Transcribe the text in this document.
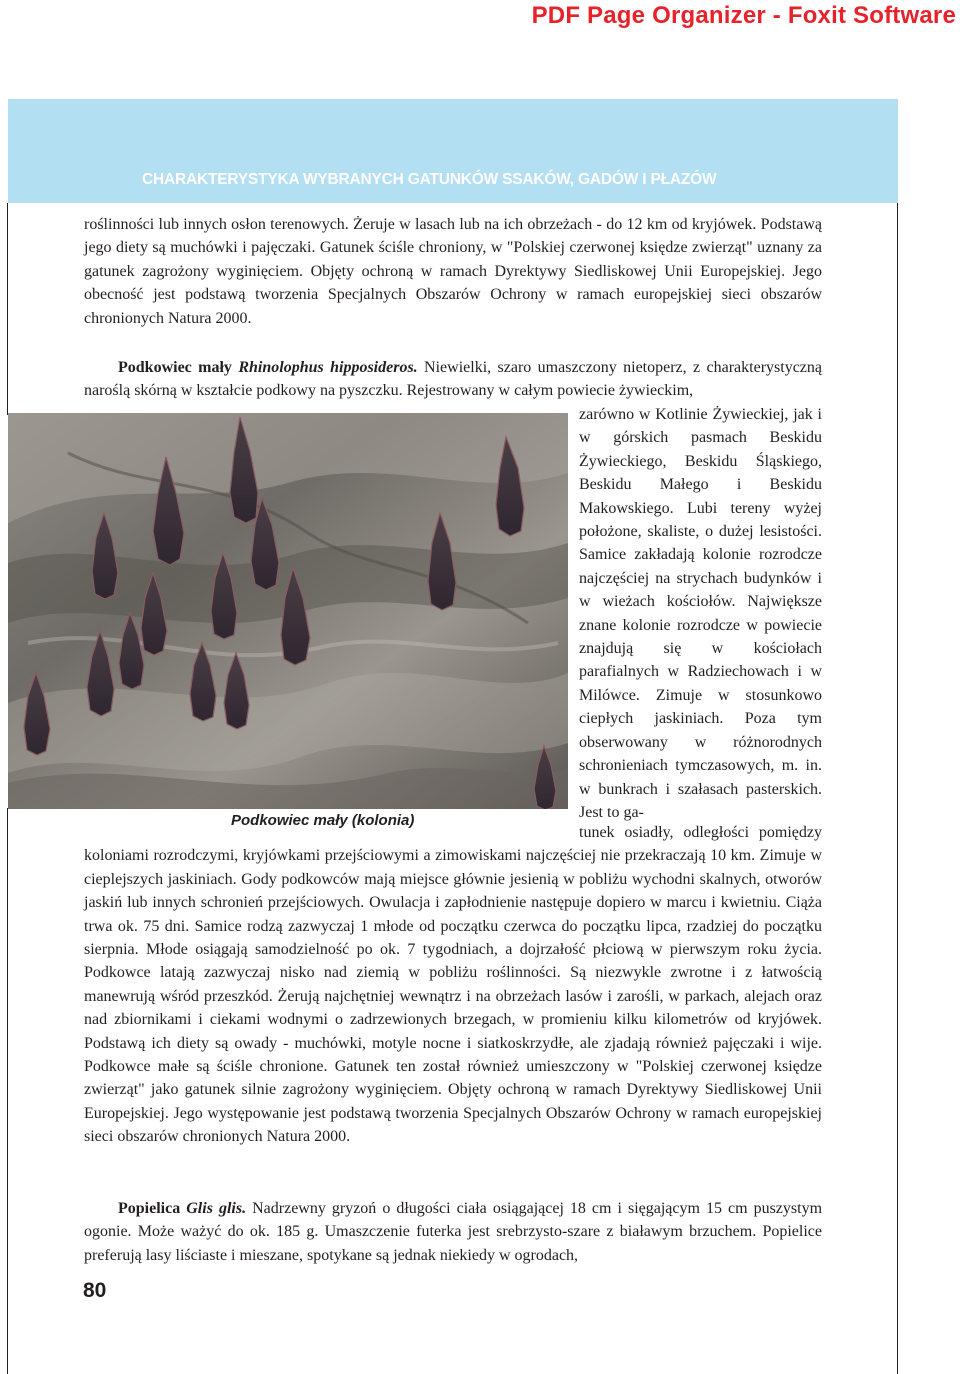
PDF Page Organizer - Foxit Software
CHARAKTERYSTYKA WYBRANYCH GATUNKÓW SSAKÓW, GADÓW I PŁAZÓW

roślinności lub innych osłon terenowych. Żeruje w lasach lub na ich obrzeżach - do 12 km od kryjówek. Podstawą jego diety są muchówki i pajęczaki. Gatunek ściśle chroniony, w "Polskiej czerwonej księdze zwierząt" uznany za gatunek zagrożony wyginięciem. Objęty ochroną w ramach Dyrektywy Siedliskowej Unii Europejskiej. Jego obecność jest podstawą tworzenia Specjalnych Obszarów Ochrony w ramach europejskiej sieci obszarów chronionych Natura 2000.

Podkowiec mały Rhinolophus hipposideros. Niewielki, szaro umaszczony nietoperz, z charakterystyczną naroślą skórną w kształcie podkowy na pyszczku. Rejestrowany w całym powiecie żywieckim,

Podkowiec mały (kolonia)

zarówno w Kotlinie Żywieckiej, jak i w górskich pasmach Beskidu Żywieckiego, Beskidu Śląskiego, Beskidu Małego i Beskidu Makowskiego. Lubi tereny wyżej położone, skaliste, o dużej lesistości. Samice zakładają kolonie rozrodcze najczęściej na strychach budynków i w wieżach kościołów. Największe znane kolonie rozrodcze w powiecie znajdują się w kościołach parafialnych w Radziechowach i w Milówce. Zimuje w stosunkowo ciepłych jaskiniach. Poza tym obserwowany w różnorodnych schronieniach tymczasowych, m. in. w bunkrach i szałasach pasterskich. Jest to ga-

tunek osiadły, odległości pomiędzy koloniami rozrodczymi, kryjówkami przejściowymi a zimowiskami najczęściej nie przekraczają 10 km. Zimuje w cieplejszych jaskiniach. Gody podkowców mają miejsce głównie jesienią w pobliżu wychodni skalnych, otworów jaskiń lub innych schronień przejściowych. Owulacja i zapłodnienie następuje dopiero w marcu i kwietniu. Ciąża trwa ok. 75 dni. Samice rodzą zazwyczaj 1 młode od początku czerwca do początku lipca, rzadziej do początku sierpnia. Młode osiągają samodzielność po ok. 7 tygodniach, a dojrzałość płciową w pierwszym roku życia. Podkowce latają zazwyczaj nisko nad ziemią w pobliżu roślinności. Są niezwykle zwrotne i z łatwością manewrują wśród przeszkód. Żerują najchętniej wewnątrz i na obrzeżach lasów i zarośli, w parkach, alejach oraz nad zbiornikami i ciekami wodnymi o zadrzewionych brzegach, w promieniu kilku kilometrów od kryjówek. Podstawą ich diety są owady - muchówki, motyle nocne i siatkoskrzydłe, ale zjadają również pajęczaki i wije. Podkowce małe są ściśle chronione. Gatunek ten został również umieszczony w "Polskiej czerwonej księdze zwierząt" jako gatunek silnie zagrożony wyginięciem. Objęty ochroną w ramach Dyrektywy Siedliskowej Unii Europejskiej. Jego występowanie jest podstawą tworzenia Specjalnych Obszarów Ochrony w ramach europejskiej sieci obszarów chronionych Natura 2000.

Popielica Glis glis. Nadrzewny gryzoń o długości ciała osiągającej 18 cm i sięgającym 15 cm puszystym ogonie. Może ważyć do ok. 185 g. Umaszczenie futerka jest srebrzysto-szare z białawym brzuchem. Popielice preferują lasy liściaste i mieszane, spotykane są jednak niekiedy w ogrodach,

80
